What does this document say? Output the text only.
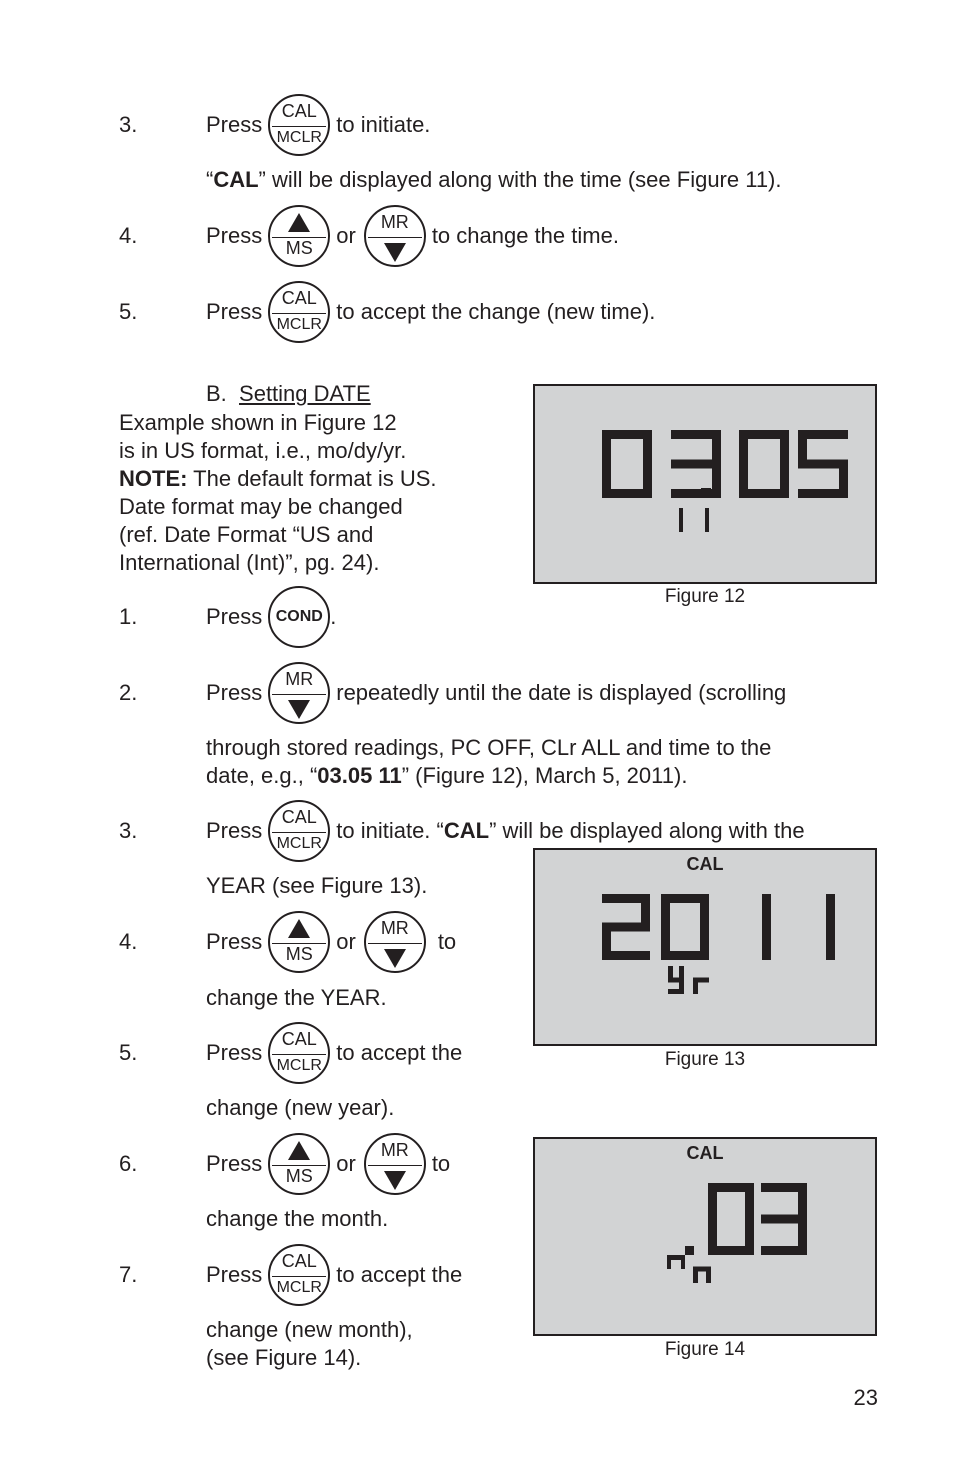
3.	Press
CAL
MCLR
to initiate.
“CAL” will be displayed along with the time (see Figure 11).
4.	Press	MS	or
MR
to change the time.
5.	Press
CAL
MCLR
to accept the change (new time).
B. Setting DATE
Example shown in Figure 12
is in US format, i.e., mo/dy/yr.
NOTE: The default format is US.
Date format may be changed
(ref. Date Format “US and
International (Int)”, pg. 24).
Figure 12
1.	Press COND .
2.	Press
MR
repeatedly until the date is displayed (scrolling
through stored readings, PC OFF, CLr ALL and time to the
date, e.g., “03.05 11” (Figure 12), March 5, 2011).
3.	Press
CAL
MCLR
to initiate. “CAL” will be displayed along with the
YEAR (see Figure 13).
CAL
Figure 13
4.	Press	MS	or
MR
to
change the YEAR.
5.	Press
CAL
MCLR
to accept the
change (new year).
CAL
Figure 14
6.	Press	MS	or
MR
to
change the month.
7.	Press
CAL
MCLR
to accept the
change (new month),
(see Figure 14).
23
